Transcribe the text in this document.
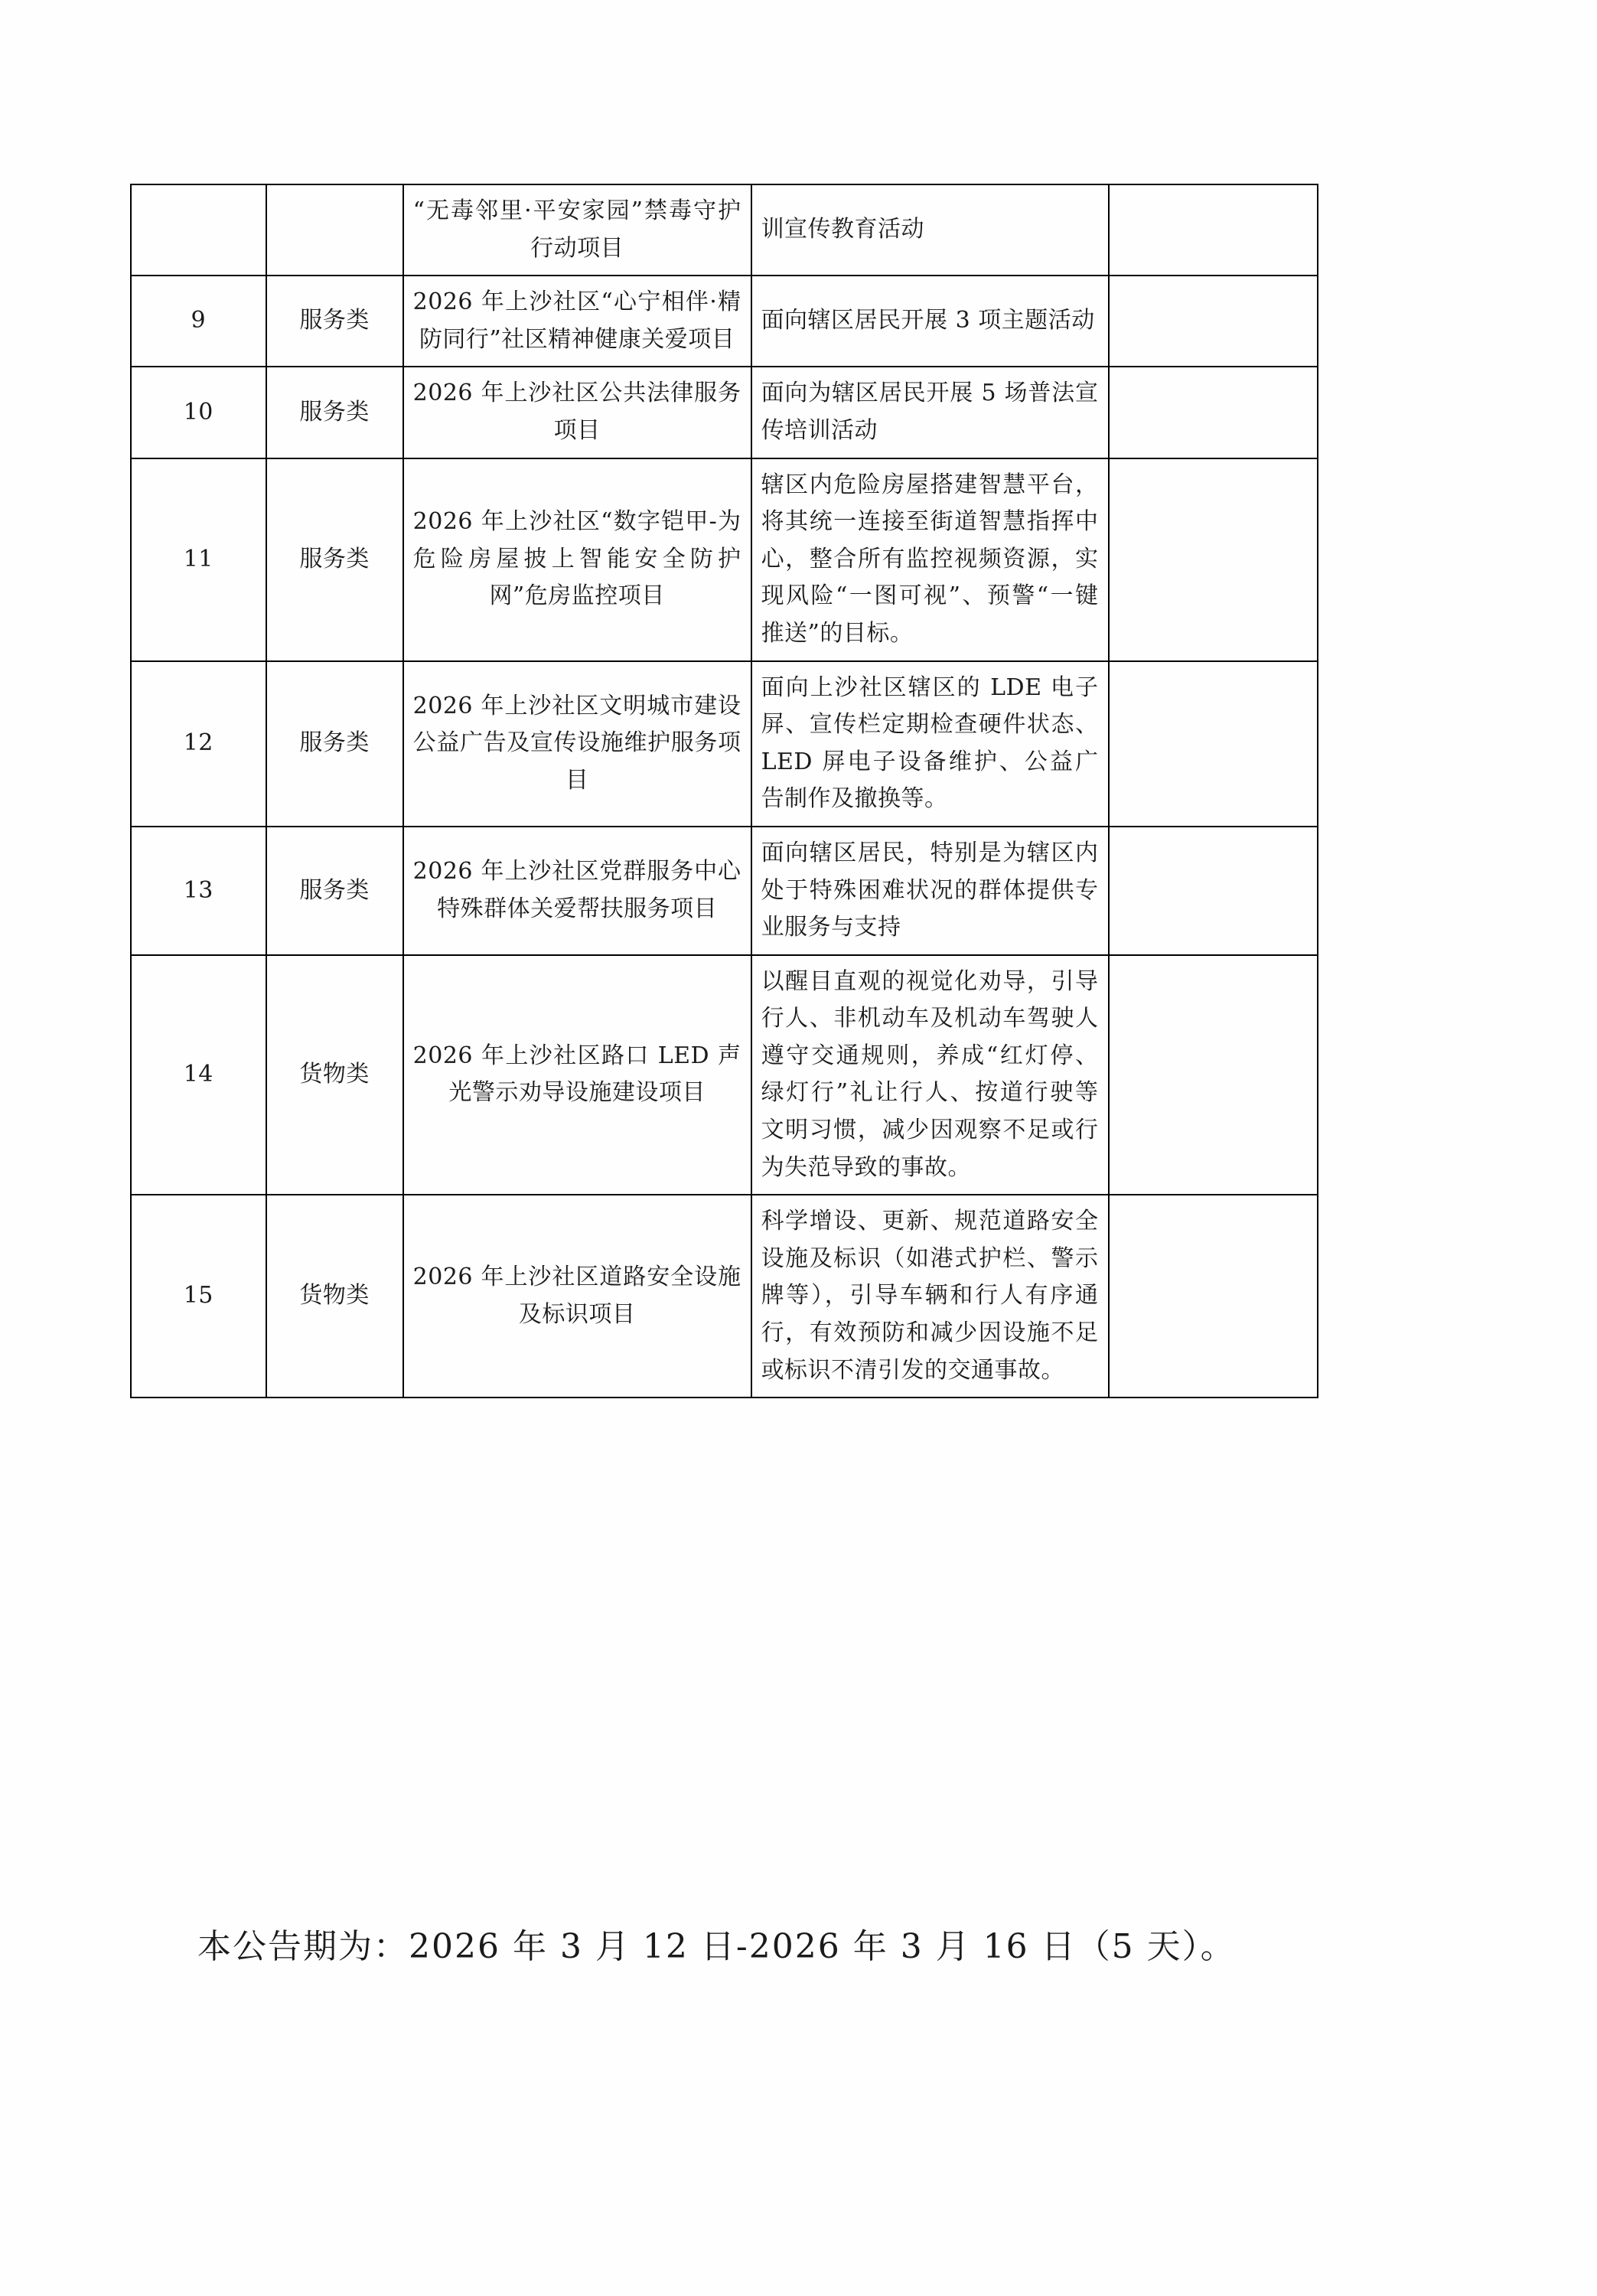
		“无毒邻里·平安家园”禁毒守护行动项目	训宣传教育活动	

9	服务类	2026 年上沙社区“心宁相伴·精防同行”社区精神健康关爱项目	面向辖区居民开展 3 项主题活动	

10	服务类	2026 年上沙社区公共法律服务项目	面向为辖区居民开展 5 场普法宣传培训活动	

11	服务类	2026 年上沙社区“数字铠甲-为危险房屋披上智能安全防护网”危房监控项目	辖区内危险房屋搭建智慧平台，将其统一连接至街道智慧指挥中心，整合所有监控视频资源，实现风险“一图可视”、预警“一键推送”的目标。	

12	服务类	2026 年上沙社区文明城市建设公益广告及宣传设施维护服务项目	面向上沙社区辖区的 LDE 电子屏、宣传栏定期检查硬件状态、LED 屏电子设备维护、公益广告制作及撤换等。	

13	服务类	2026 年上沙社区党群服务中心特殊群体关爱帮扶服务项目	面向辖区居民，特别是为辖区内处于特殊困难状况的群体提供专业服务与支持	

14	货物类	2026 年上沙社区路口 LED 声光警示劝导设施建设项目	以醒目直观的视觉化劝导，引导行人、非机动车及机动车驾驶人遵守交通规则，养成“红灯停、绿灯行”礼让行人、按道行驶等文明习惯，减少因观察不足或行为失范导致的事故。	

15	货物类	2026 年上沙社区道路安全设施及标识项目	科学增设、更新、规范道路安全设施及标识（如港式护栏、警示牌等），引导车辆和行人有序通行，有效预防和减少因设施不足或标识不清引发的交通事故。	

本公告期为：2026 年 3 月 12 日-2026 年 3 月 16 日（5 天）。
